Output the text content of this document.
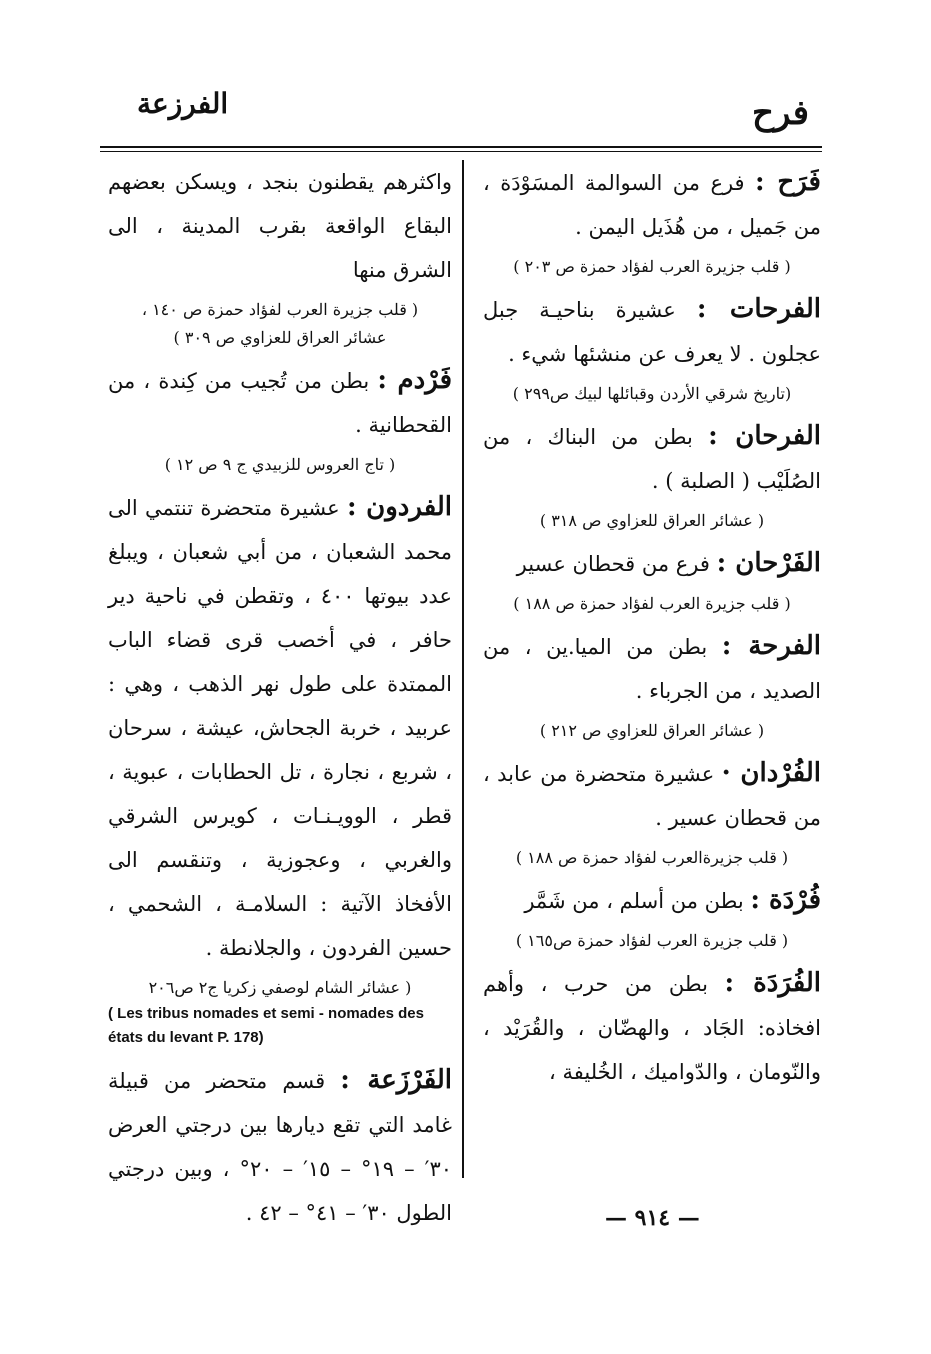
فرح
الفرزعة
فَرَح : فرع من السوالمة المسَوْدَة ، من جَميل ، من هُذَيل اليمن .
( قلب جزيرة العرب لفؤاد حمزة ص ٢٠٣ )
الفرحات : عشيرة بناحيـة جبل عجلون . لا يعرف عن منشئها شيء .
(تاريخ شرقي الأردن وقبائلها لبيك ص٢٩٩ )
الفرحان : بطن من البناك ، من الصُلَيْب ( الصلبة ) .
( عشائر العراق للعزاوي ص ٣١٨ )
الفَرْحان : فرع من قحطان عسير
( قلب جزيرة العرب لفؤاد حمزة ص ١٨٨ )
الفرحة : بطن من الميا.ين ، من الصديد ، من الجرباء .
( عشائر العراق للعزاوي ص ٢١٢ )
الفُرْدان · عشيرة متحضرة من عابد ، من قحطان عسير .
( قلب جزيرةالعرب لفؤاد حمزة ص ١٨٨ )
فُرْدَة : بطن من أسلم ، من شَمَّر
( قلب جزيرة العرب لفؤاد حمزة ص١٦٥ )
الفُرَدَة : بطن من حرب ، وأهم افخاذه: الجَاد ، والهضّان ، والقُرَيْد ، والنّومان ، والدّواميك ، الخُليفة ،
واكثرهم يقطنون بنجد ، ويسكن بعضهم البقاع الواقعة بقرب المدينة ، الى الشرق منها
( قلب جزيرة العرب لفؤاد حمزة ص ١٤٠ ،
عشائر العراق للعزاوي ص ٣٠٩ )
فَرْدم : بطن من تُجيب من كِندة ، من القحطانية .
( تاج العروس للزبيدي ج ٩ ص ١٢ )
الفردون : عشيرة متحضرة تنتمي الى محمد الشعبان ، من أبي شعبان ، ويبلغ عدد بيوتها ٤٠٠ ، وتقطن في ناحية دير حافر ، في أخصب قرى قضاء الباب الممتدة على طول نهر الذهب ، وهي : عربيد ، خربة الجحاش، عيشة ، سرحان ، شربع ، نجارة ، تل الحطابات ، عبوية ، قطر ، الوويـنـات ، كويرس الشرقي والغربي ، وعجوزية ، وتنقسم الى الأفخاذ الآتية : السلامـة ، الشحمي ، حسين الفردون ، والجلانطة .
( عشائر الشام لوصفي زكريا ج٢ ص٢٠٦
( Les tribus nomades et semi - nomades des états du levant P. 178)
الفَرْزَعة : قسم متحضر من قبيلة غامد التي تقع ديارها بين درجتي العرض ٣٠′ – ١٩° – ١٥′ – ٢٠° ، وبين درجتي الطول ٣٠′ – ٤١° – ٤٢ .	— ٩١٤ —
